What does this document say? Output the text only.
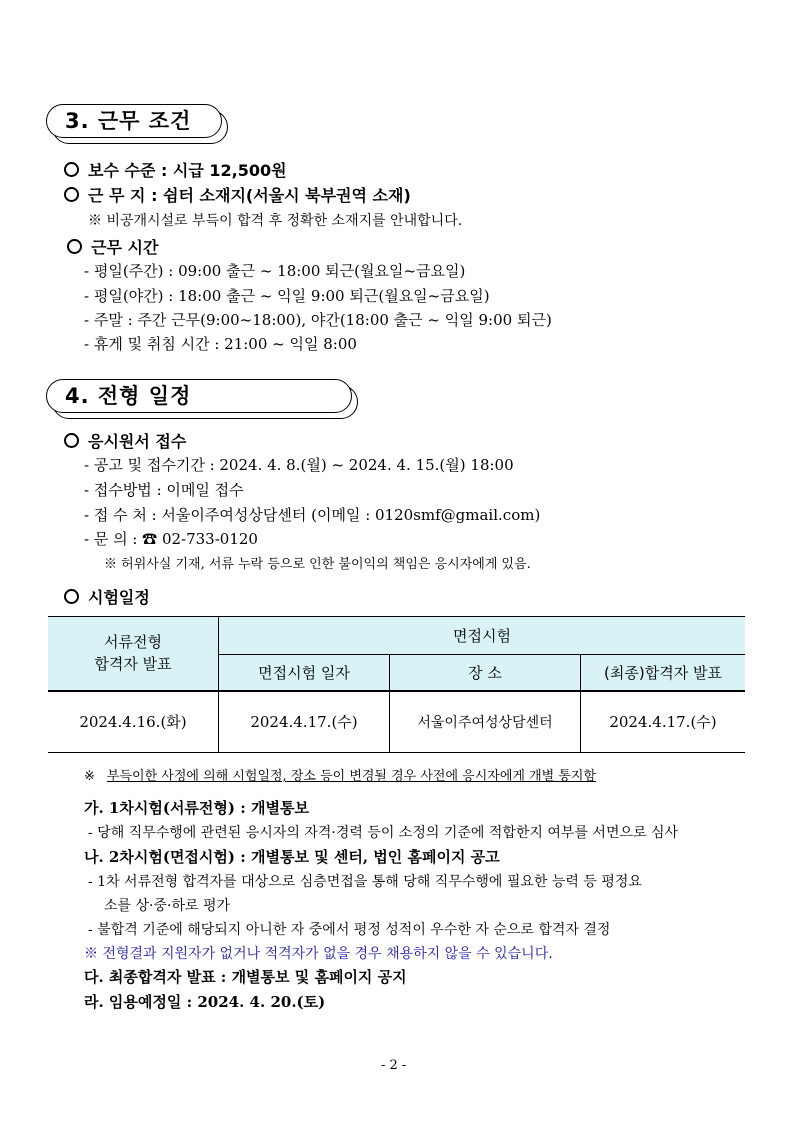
3. 근무 조건
보수 수준 : 시급 12,500원
근 무 지 : 쉼터 소재지(서울시 북부권역 소재)
※ 비공개시설로 부득이 합격 후 정확한 소재지를 안내합니다.
근무 시간
- 평일(주간) : 09:00 출근 ~ 18:00 퇴근(월요일~금요일)
- 평일(야간) : 18:00 출근 ~ 익일 9:00 퇴근(월요일~금요일)
- 주말 : 주간 근무(9:00~18:00), 야간(18:00 출근 ~ 익일 9:00 퇴근)
- 휴게 및 취침 시간 : 21:00 ~ 익일 8:00
4. 전형 일정
응시원서 접수
- 공고 및 접수기간 : 2024. 4. 8.(월) ~ 2024. 4. 15.(월) 18:00
- 접수방법 : 이메일 접수
- 접 수 처 : 서울이주여성상담센터 (이메일 : 0120smf@gmail.com)
- 문 의 : ☎ 02-733-0120
※ 허위사실 기재, 서류 누락 등으로 인한 불이익의 책임은 응시자에게 있음.
시험일정
서류전형
합격자 발표	면접시험		
	면접시험 일자	장 소	(최종)합격자 발표
2024.4.16.(화)	2024.4.17.(수)	서울이주여성상담센터	2024.4.17.(수)
※ 부득이한 사정에 의해 시험일정, 장소 등이 변경될 경우 사전에 응시자에게 개별 통지함
가. 1차시험(서류전형) : 개별통보
- 당해 직무수행에 관련된 응시자의 자격·경력 등이 소정의 기준에 적합한지 여부를 서면으로 심사
나. 2차시험(면접시험) : 개별통보 및 센터, 법인 홈페이지 공고
- 1차 서류전형 합격자를 대상으로 심층면접을 통해 당해 직무수행에 필요한 능력 등 평정요
소를 상·중·하로 평가
- 불합격 기준에 해당되지 아니한 자 중에서 평정 성적이 우수한 자 순으로 합격자 결정
※ 전형결과 지원자가 없거나 적격자가 없을 경우 채용하지 않을 수 있습니다.
다. 최종합격자 발표 : 개별통보 및 홈페이지 공지
라. 임용예정일 : 2024. 4. 20.(토)
- 2 -
